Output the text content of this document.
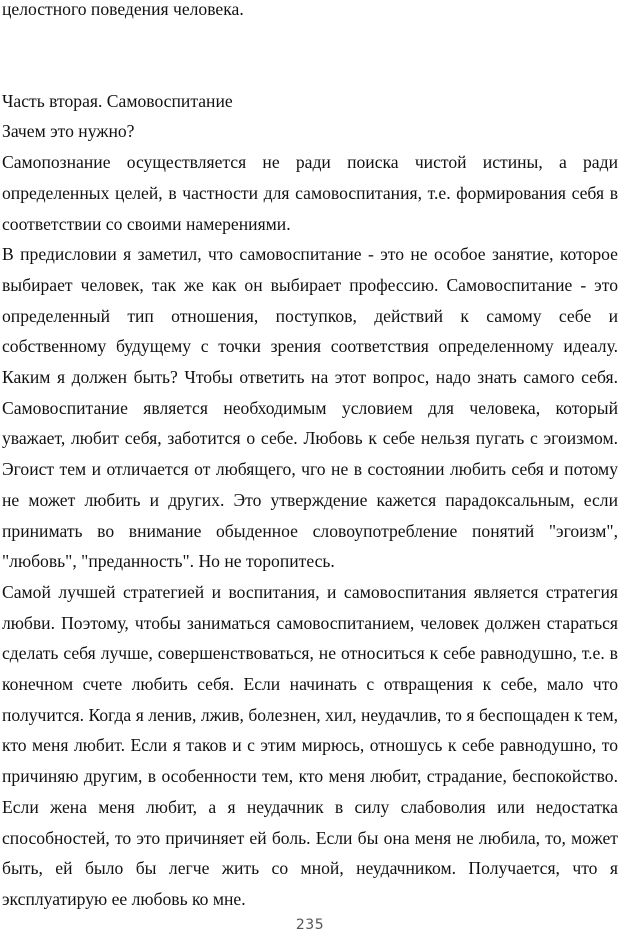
целостного поведения человека.

Часть вторая. Самовоспитание

Зачем это нужно?

Самопознание осуществляется не ради поиска чистой истины, а ради определенных целей, в частности для самовоспитания, т.е. формирования себя в соответствии со своими намерениями.

В предисловии я заметил, что самовоспитание - это не особое занятие, которое выбирает человек, так же как он выбирает профессию. Самовоспитание - это определенный тип отношения, поступков, действий к самому себе и собственному будущему с точки зрения соответствия определенному идеалу. Каким я должен быть? Чтобы ответить на этот вопрос, надо знать самого себя. Самовоспитание является необходимым условием для человека, который уважает, любит себя, заботится о себе. Любовь к себе нельзя пугать с эгоизмом. Эгоист тем и отличается от любящего, чго не в состоянии любить себя и потому не может любить и других. Это утверждение кажется парадоксальным, если принимать во внимание обыденное словоупотребление понятий "эгоизм", "любовь", "преданность". Но не торопитесь.

Самой лучшей стратегией и воспитания, и самовоспитания является стратегия любви. Поэтому, чтобы заниматься самовоспитанием, человек должен стараться сделать себя лучше, совершенствоваться, не относиться к себе равнодушно, т.е. в конечном счете любить себя. Если начинать с отвращения к себе, мало что получится. Когда я ленив, лжив, болезнен, хил, неудачлив, то я беспощаден к тем, кто меня любит. Если я таков и с этим мирюсь, отношусь к себе равнодушно, то причиняю другим, в особенности тем, кто меня любит, страдание, беспокойство. Если жена меня любит, а я неудачник в силу слабоволия или недостатка способностей, то это причиняет ей боль. Если бы она меня не любила, то, может быть, ей было бы легче жить со мной, неудачником. Получается, что я эксплуатирую ее любовь ко мне.

235
